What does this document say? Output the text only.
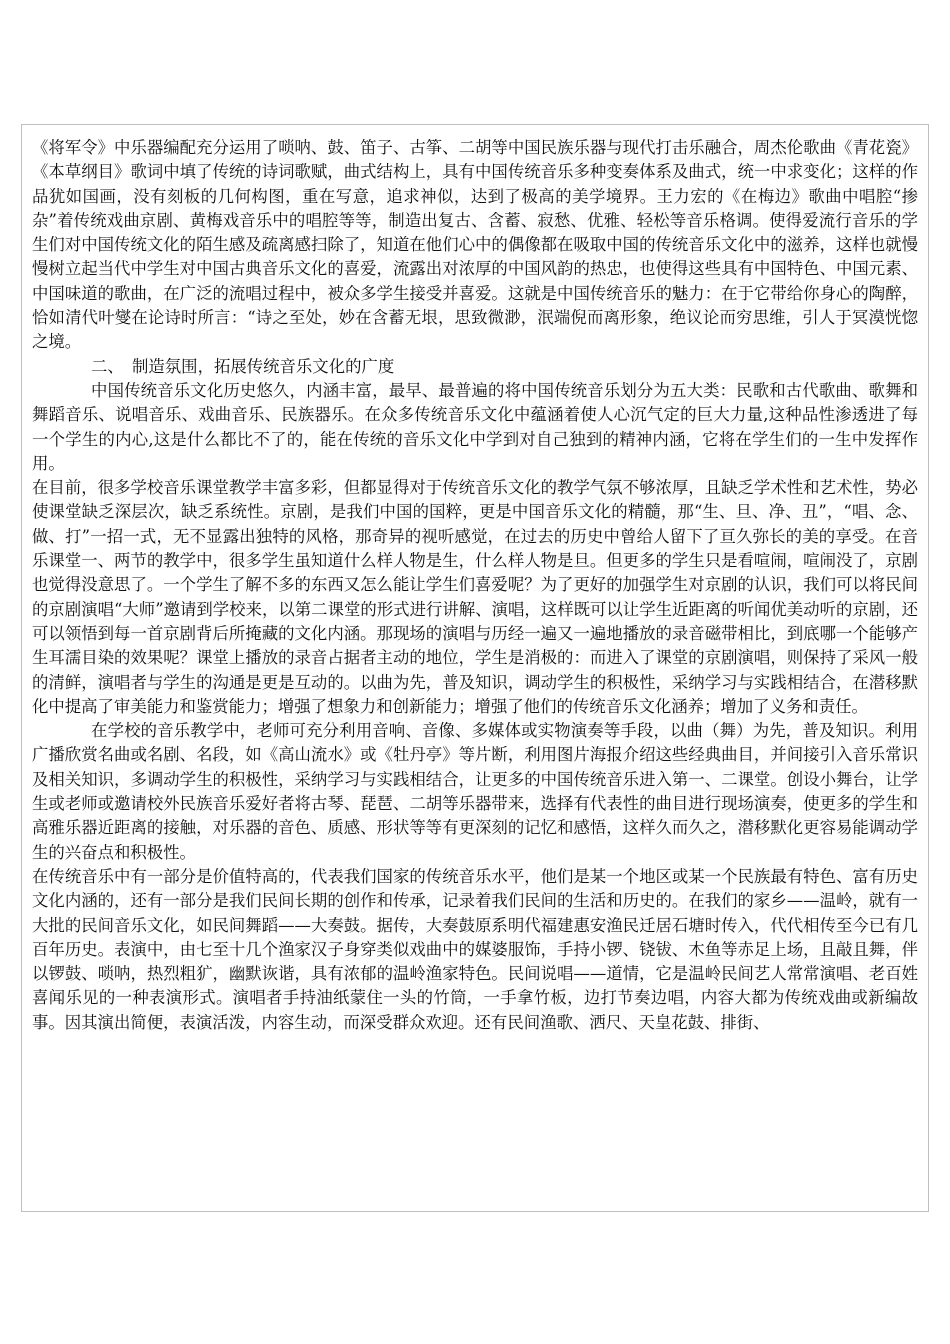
《将军令》中乐器编配充分运用了唢呐、鼓、笛子、古筝、二胡等中国民族乐器与现代打击乐融合，周杰伦歌曲《青花瓷》《本草纲目》歌词中填了传统的诗词歌赋，曲式结构上，具有中国传统音乐多种变奏体系及曲式，统一中求变化；这样的作品犹如国画，没有刻板的几何构图，重在写意，追求神似，达到了极高的美学境界。王力宏的《在梅边》歌曲中唱腔“掺杂”着传统戏曲京剧、黄梅戏音乐中的唱腔等等，制造出复古、含蓄、寂愁、优雅、轻松等音乐格调。使得爱流行音乐的学生们对中国传统文化的陌生感及疏离感扫除了，知道在他们心中的偶像都在吸取中国的传统音乐文化中的滋养，这样也就慢慢树立起当代中学生对中国古典音乐文化的喜爱，流露出对浓厚的中国风韵的热忠，也使得这些具有中国特色、中国元素、中国味道的歌曲，在广泛的流唱过程中，被众多学生接受并喜爱。这就是中国传统音乐的魅力：在于它带给你身心的陶醉，恰如清代叶燮在论诗时所言：“诗之至处，妙在含蓄无垠，思致微渺，泯端倪而离形象，绝议论而穷思维，引人于冥漠恍惚之境。

二、　制造氛围，拓展传统音乐文化的广度

中国传统音乐文化历史悠久，内涵丰富，最早、最普遍的将中国传统音乐划分为五大类：民歌和古代歌曲、歌舞和舞蹈音乐、说唱音乐、戏曲音乐、民族器乐。在众多传统音乐文化中蕴涵着使人心沉气定的巨大力量,这种品性渗透进了每一个学生的内心,这是什么都比不了的，能在传统的音乐文化中学到对自己独到的精神内涵，它将在学生们的一生中发挥作用。

在目前，很多学校音乐课堂教学丰富多彩，但都显得对于传统音乐文化的教学气氛不够浓厚，且缺乏学术性和艺术性，势必使课堂缺乏深层次，缺乏系统性。京剧，是我们中国的国粹，更是中国音乐文化的精髓，那“生、旦、净、丑”，“唱、念、做、打”一招一式，无不显露出独特的风格，那奇异的视听感觉，在过去的历史中曾给人留下了亘久弥长的美的享受。在音乐课堂一、两节的教学中，很多学生虽知道什么样人物是生，什么样人物是旦。但更多的学生只是看喧闹，喧闹没了，京剧也觉得没意思了。一个学生了解不多的东西又怎么能让学生们喜爱呢？为了更好的加强学生对京剧的认识，我们可以将民间的京剧演唱“大师”邀请到学校来，以第二课堂的形式进行讲解、演唱，这样既可以让学生近距离的听闻优美动听的京剧，还可以领悟到每一首京剧背后所掩藏的文化内涵。那现场的演唱与历经一遍又一遍地播放的录音磁带相比，到底哪一个能够产生耳濡目染的效果呢？课堂上播放的录音占据者主动的地位，学生是消极的：而进入了课堂的京剧演唱，则保持了采风一般的清鲜，演唱者与学生的沟通是更是互动的。以曲为先，普及知识，调动学生的积极性，采纳学习与实践相结合，在潜移默化中提高了审美能力和鉴赏能力；增强了想象力和创新能力；增强了他们的传统音乐文化涵养；增加了义务和责任。

在学校的音乐教学中，老师可充分利用音响、音像、多媒体或实物演奏等手段，以曲（舞）为先，普及知识。利用广播欣赏名曲或名剧、名段，如《高山流水》或《牡丹亭》等片断，利用图片海报介绍这些经典曲目，并间接引入音乐常识及相关知识，多调动学生的积极性，采纳学习与实践相结合，让更多的中国传统音乐进入第一、二课堂。创设小舞台，让学生或老师或邀请校外民族音乐爱好者将古琴、琵琶、二胡等乐器带来，选择有代表性的曲目进行现场演奏，使更多的学生和高雅乐器近距离的接触，对乐器的音色、质感、形状等等有更深刻的记忆和感悟，这样久而久之，潜移默化更容易能调动学生的兴奋点和积极性。

在传统音乐中有一部分是价值特高的，代表我们国家的传统音乐水平，他们是某一个地区或某一个民族最有特色、富有历史文化内涵的，还有一部分是我们民间长期的创作和传承，记录着我们民间的生活和历史的。在我们的家乡——温岭，就有一大批的民间音乐文化，如民间舞蹈——大奏鼓。据传，大奏鼓原系明代福建惠安渔民迁居石塘时传入，代代相传至今已有几百年历史。表演中，由七至十几个渔家汉子身穿类似戏曲中的媒婆服饰，手持小锣、铙钹、木鱼等赤足上场，且敲且舞，伴以锣鼓、唢呐，热烈粗犷，幽默诙谐，具有浓郁的温岭渔家特色。民间说唱——道情，它是温岭民间艺人常常演唱、老百姓喜闻乐见的一种表演形式。演唱者手持油纸蒙住一头的竹筒，一手拿竹板，边打节奏边唱，内容大都为传统戏曲或新编故事。因其演出简便，表演活泼，内容生动，而深受群众欢迎。还有民间渔歌、洒尺、天皇花鼓、排街、
